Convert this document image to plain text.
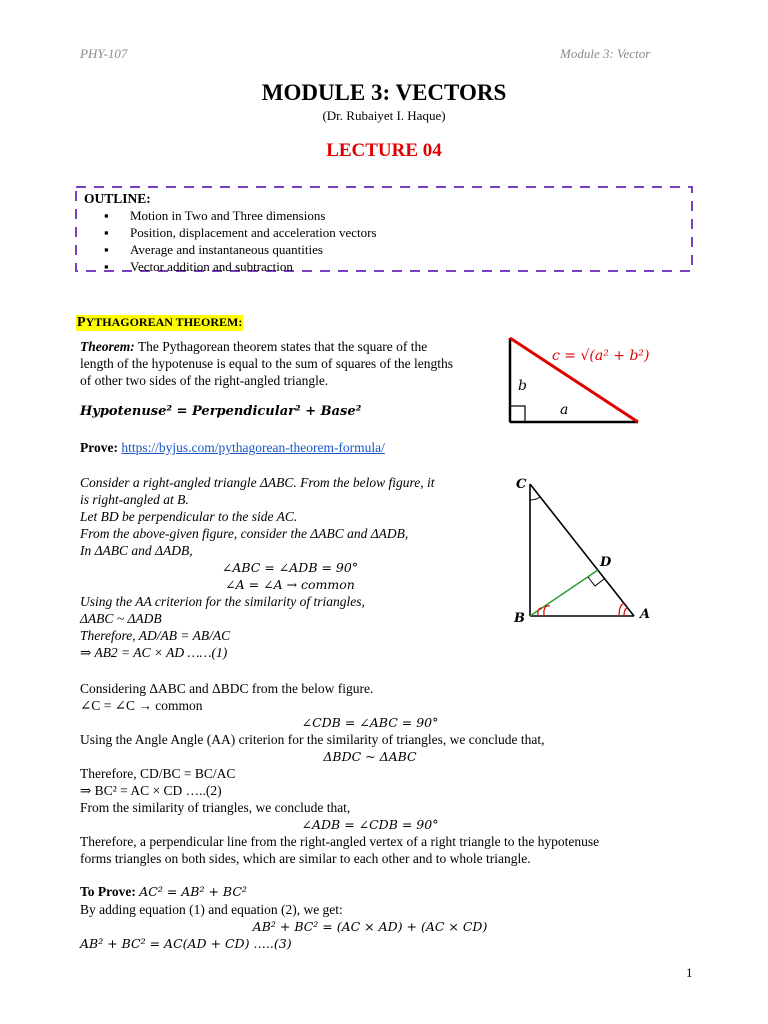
PHY-107	Module 3: Vector
MODULE 3: VECTORS
(Dr. Rubaiyet I. Haque)
LECTURE 04
OUTLINE:
▪ Motion in Two and Three dimensions
▪ Position, displacement and acceleration vectors
▪ Average and instantaneous quantities
▪ Vector addition and subtraction
PYTHAGOREAN THEOREM:
Theorem: The Pythagorean theorem states that the square of the
length of the hypotenuse is equal to the sum of squares of the lengths
of other two sides of the right-angled triangle.
Hypotenuse² = Perpendicular² + Base²
Prove: https://byjus.com/pythagorean-theorem-formula/
Consider a right-angled triangle ΔABC. From the below figure, it
is right-angled at B.
Let BD be perpendicular to the side AC.
From the above-given figure, consider the ΔABC and ΔADB,
In ΔABC and ΔADB,
∠ABC = ∠ADB = 90°
∠A = ∠A → common
Using the AA criterion for the similarity of triangles,
ΔABC ~ ΔADB
Therefore, AD/AB = AB/AC
⇒ AB2 = AC × AD ……(1)
Considering ΔABC and ΔBDC from the below figure.
∠C = ∠C → common
∠CDB = ∠ABC = 90°
Using the Angle Angle (AA) criterion for the similarity of triangles, we conclude that,
ΔBDC ~ ΔABC
Therefore, CD/BC = BC/AC
⇒ BC² = AC × CD …..(2)
From the similarity of triangles, we conclude that,
∠ADB = ∠CDB = 90°
Therefore, a perpendicular line from the right-angled vertex of a right triangle to the hypotenuse
forms triangles on both sides, which are similar to each other and to whole triangle.
To Prove: AC² = AB² + BC²
By adding equation (1) and equation (2), we get:
AB² + BC² = (AC × AD) + (AC × CD)
AB² + BC² = AC(AD + CD) …..(3)
c = √(a² + b²)
b
a
C
D
B	A
1
